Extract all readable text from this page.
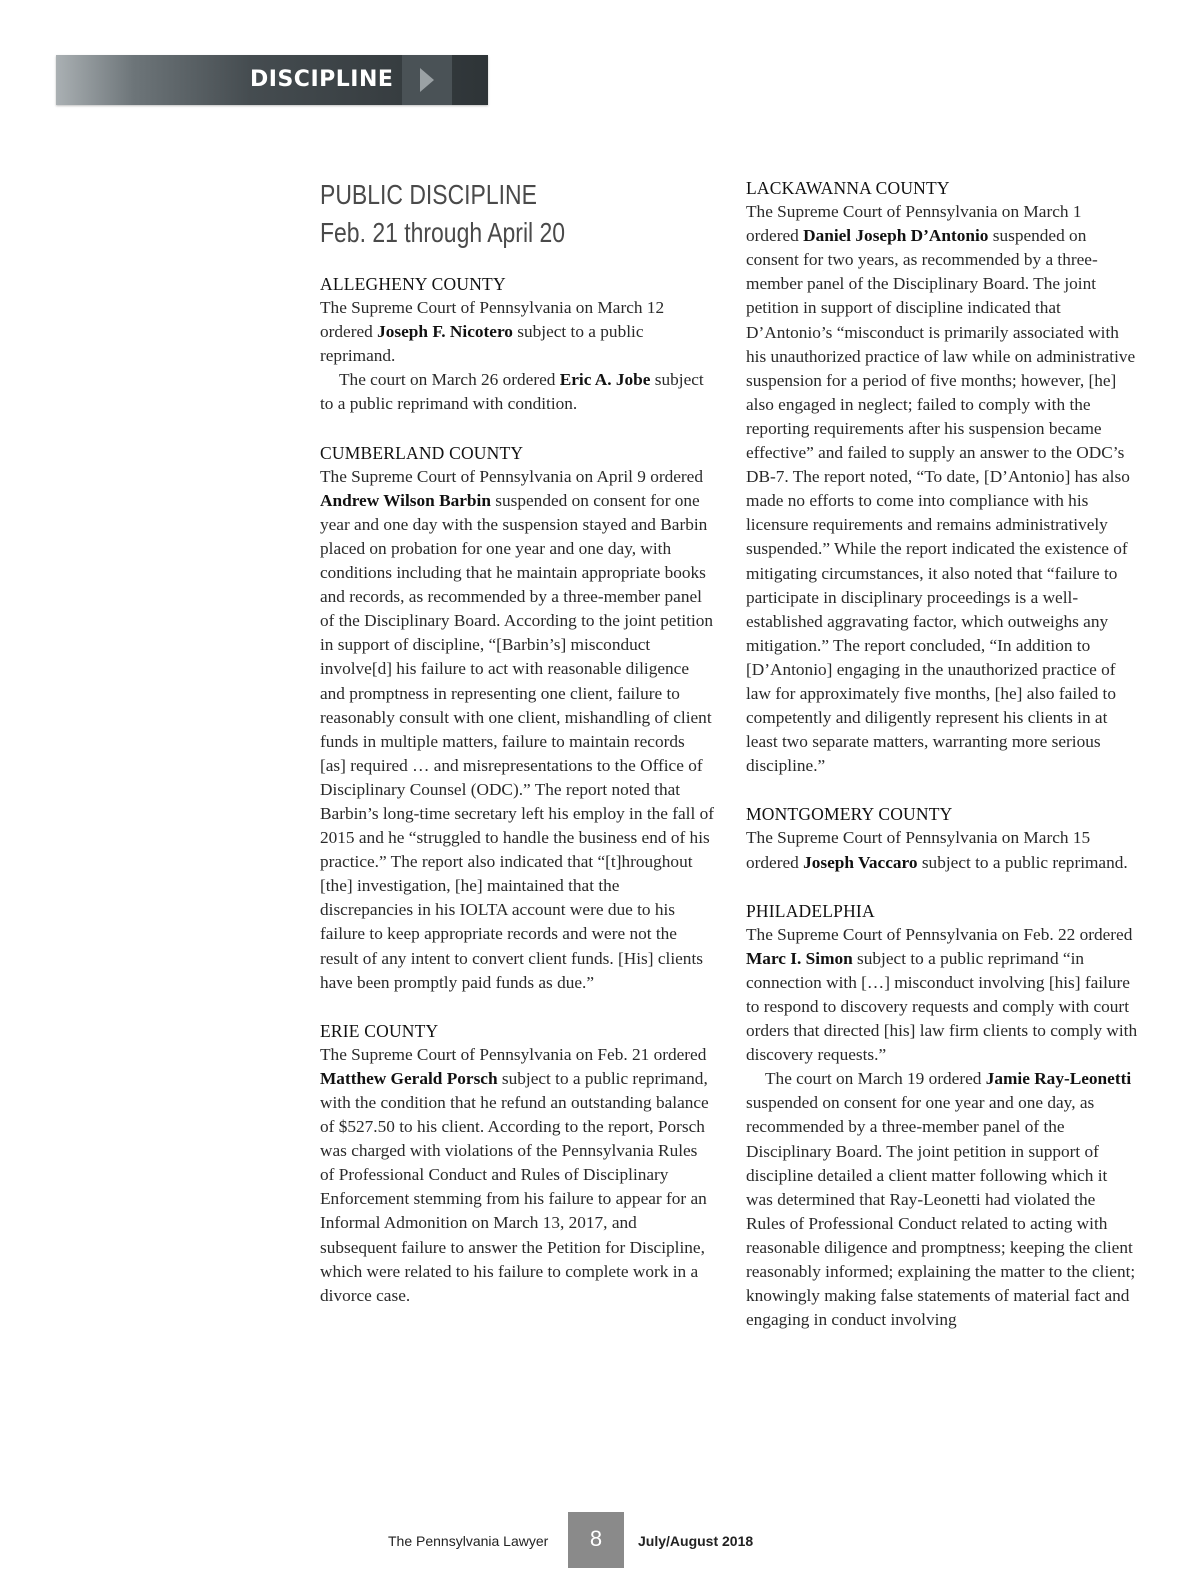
DISCIPLINE
PUBLIC DISCIPLINE
Feb. 21 through April 20
ALLEGHENY COUNTY

The Supreme Court of Pennsylvania on March 12 ordered Joseph F. Nicotero subject to a public reprimand.

The court on March 26 ordered Eric A. Jobe subject to a public reprimand with condition.

CUMBERLAND COUNTY

The Supreme Court of Pennsylvania on April 9 ordered Andrew Wilson Barbin suspended on consent for one year and one day with the suspension stayed and Barbin placed on probation for one year and one day, with conditions including that he maintain appropriate books and records, as recommended by a three-member panel of the Disciplinary Board. According to the joint petition in support of discipline, “[Barbin’s] misconduct involve[d] his failure to act with reasonable diligence and promptness in representing one client, failure to reasonably consult with one client, mishandling of client funds in multiple matters, failure to maintain records [as] required … and misrepresentations to the Office of Disciplinary Counsel (ODC).” The report noted that Barbin’s long-time secretary left his employ in the fall of 2015 and he “struggled to handle the business end of his practice.” The report also indicated that “[t]hroughout [the] investigation, [he] maintained that the discrepancies in his IOLTA account were due to his failure to keep appropriate records and were not the result of any intent to convert client funds. [His] clients have been promptly paid funds as due.”

ERIE COUNTY

The Supreme Court of Pennsylvania on Feb. 21 ordered Matthew Gerald Porsch subject to a public reprimand, with the condition that he refund an outstanding balance of $527.50 to his client. According to the report, Porsch was charged with violations of the Pennsylvania Rules of Professional Conduct and Rules of Disciplinary Enforcement stemming from his failure to appear for an Informal Admonition on March 13, 2017, and subsequent failure to answer the Petition for Discipline, which were related to his failure to complete work in a divorce case.

LACKAWANNA COUNTY

The Supreme Court of Pennsylvania on March 1 ordered Daniel Joseph D’Antonio suspended on consent for two years, as recommended by a three-member panel of the Disciplinary Board. The joint petition in support of discipline indicated that D’Antonio’s “misconduct is primarily associated with his unauthorized practice of law while on administrative suspension for a period of five months; however, [he] also engaged in neglect; failed to comply with the reporting requirements after his suspension became effective” and failed to supply an answer to the ODC’s DB-7. The report noted, “To date, [D’Antonio] has also made no efforts to come into compliance with his licensure requirements and remains administratively suspended.” While the report indicated the existence of mitigating circumstances, it also noted that “failure to participate in disciplinary proceedings is a well-established aggravating factor, which outweighs any mitigation.” The report concluded, “In addition to [D’Antonio] engaging in the unauthorized practice of law for approximately five months, [he] also failed to competently and diligently represent his clients in at least two separate matters, warranting more serious discipline.”

MONTGOMERY COUNTY

The Supreme Court of Pennsylvania on March 15 ordered Joseph Vaccaro subject to a public reprimand.

PHILADELPHIA

The Supreme Court of Pennsylvania on Feb. 22 ordered Marc I. Simon subject to a public reprimand “in connection with […] misconduct involving [his] failure to respond to discovery requests and comply with court orders that directed [his] law firm clients to comply with discovery requests.”

The court on March 19 ordered Jamie Ray-Leonetti suspended on consent for one year and one day, as recommended by a three-member panel of the Disciplinary Board. The joint petition in support of discipline detailed a client matter following which it was determined that Ray-Leonetti had violated the Rules of Professional Conduct related to acting with reasonable diligence and promptness; keeping the client reasonably informed; explaining the matter to the client; knowingly making false statements of material fact and engaging in conduct involving

The Pennsylvania Lawyer	8	July/August 2018
